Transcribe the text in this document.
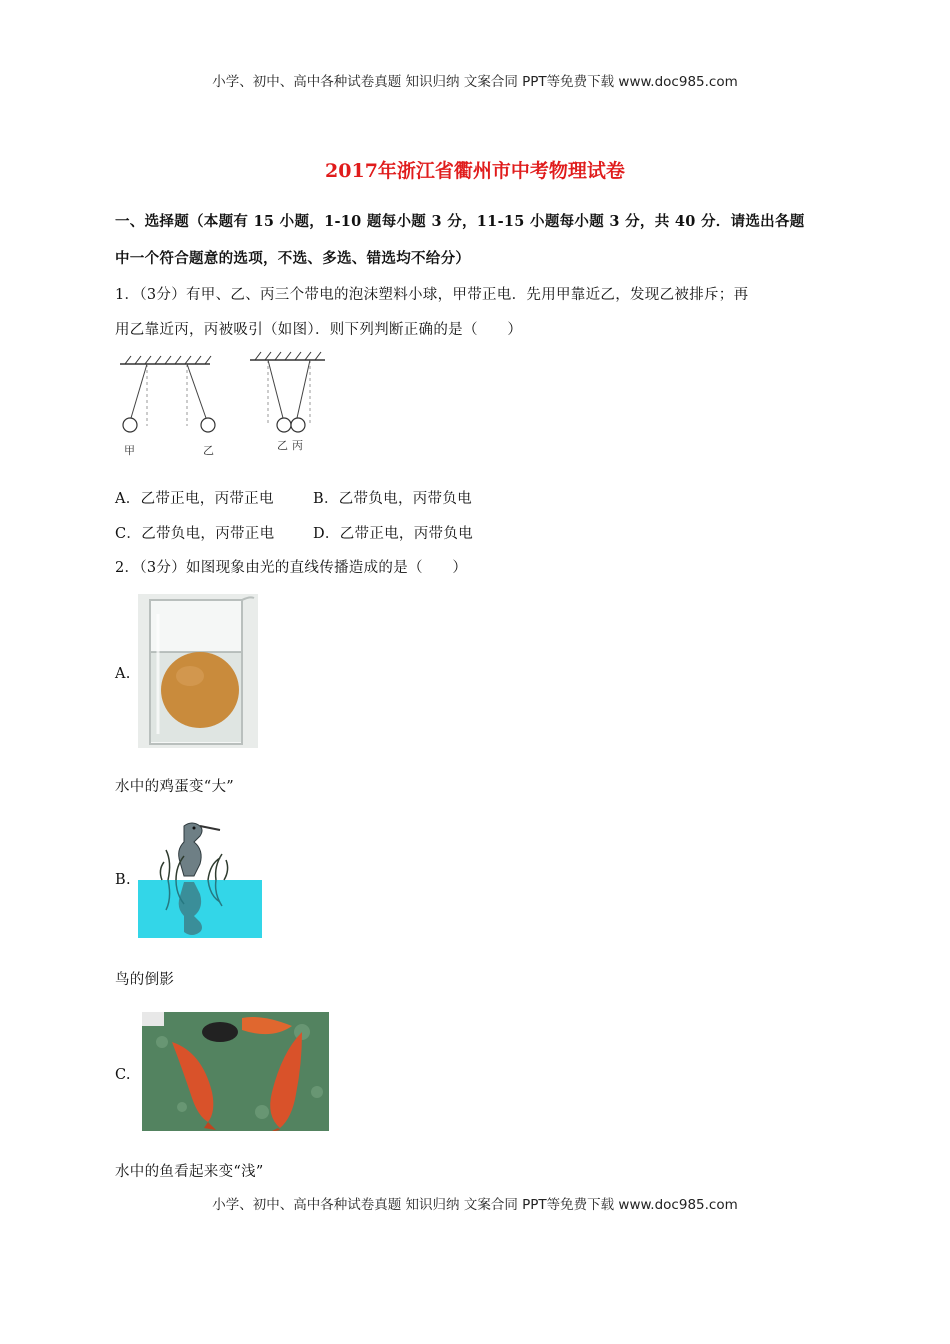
小学、初中、高中各种试卷真题 知识归纳 文案合同 PPT等免费下载 www.doc985.com
2017年浙江省衢州市中考物理试卷
一、选择题（本题有 15 小题，1-10 题每小题 3 分，11-15 小题每小题 3 分，共 40 分．请选出各题
中一个符合题意的选项，不选、多选、错选均不给分）
1．（3分）有甲、乙、丙三个带电的泡沫塑料小球，甲带正电．先用甲靠近乙，发现乙被排斥；再
用乙靠近丙，丙被吸引（如图）．则下列判断正确的是（　　）
甲	乙	乙 丙
A．乙带正电，丙带正电	B．乙带负电，丙带负电
C．乙带负电，丙带正电	D．乙带正电，丙带负电
2．（3分）如图现象由光的直线传播造成的是（　　）
A.
水中的鸡蛋变“大”
B.
鸟的倒影
C.
水中的鱼看起来变“浅”
小学、初中、高中各种试卷真题 知识归纳 文案合同 PPT等免费下载 www.doc985.com
